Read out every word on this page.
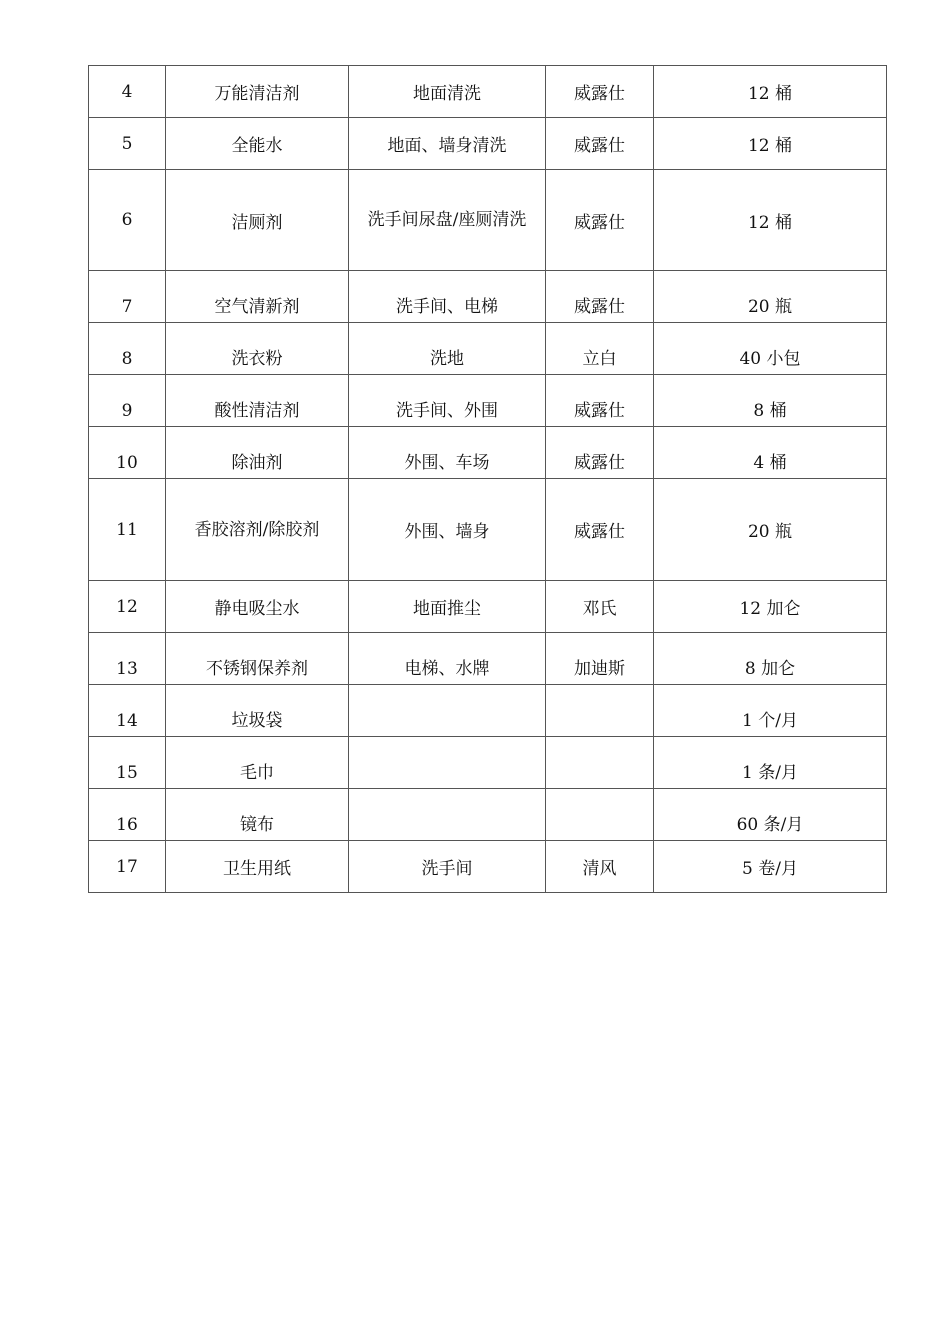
4	万能清洁剂	地面清洗	威露仕	12 桶
5	全能水	地面、墙身清洗	威露仕	12 桶
6	洁厕剂	洗手间尿盘/座厕清洗	威露仕	12 桶
7	空气清新剂	洗手间、电梯	威露仕	20 瓶
8	洗衣粉	洗地	立白	40 小包
9	酸性清洁剂	洗手间、外围	威露仕	8 桶
10	除油剂	外围、车场	威露仕	4 桶
11	香胶溶剂/除胶剂	外围、墙身	威露仕	20 瓶
12	静电吸尘水	地面推尘	邓氏	12 加仑
13	不锈钢保养剂	电梯、水牌	加迪斯	8 加仑
14	垃圾袋			1 个/月
15	毛巾			1 条/月
16	镜布			60 条/月
17	卫生用纸	洗手间	清风	5 卷/月
